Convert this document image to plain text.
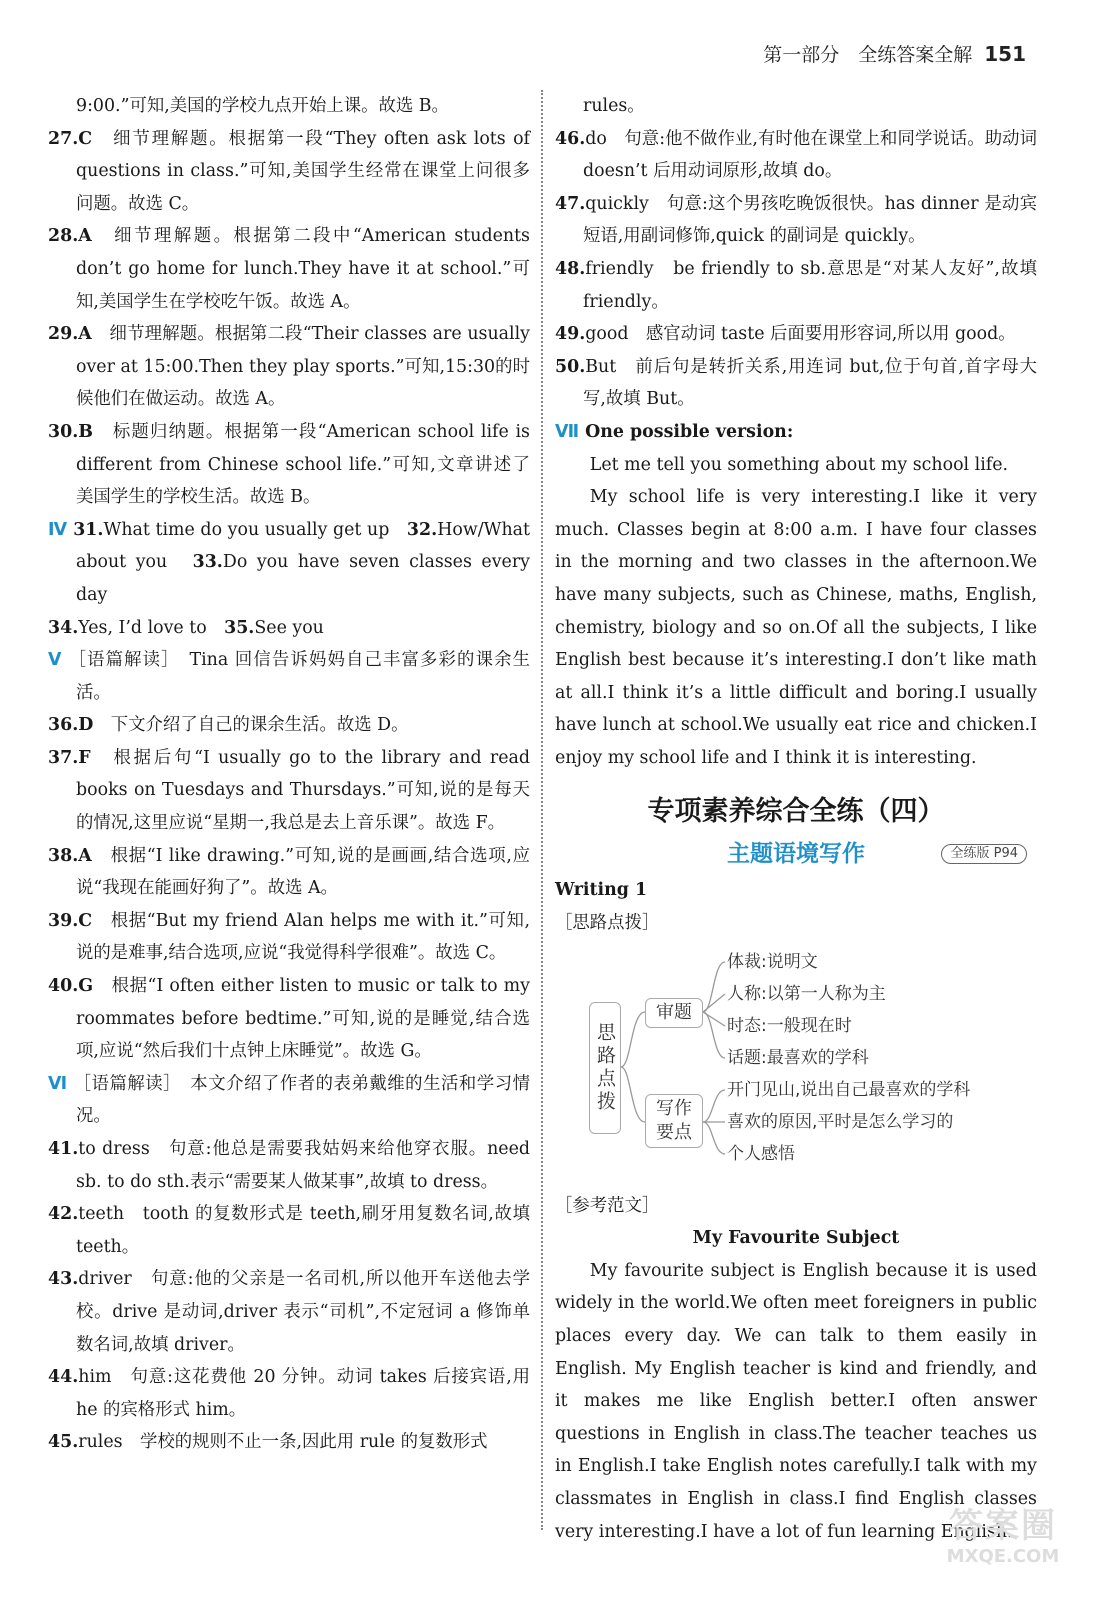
第一部分　全练答案全解 151

9:00.”可知,美国的学校九点开始上课。故选 B。

27.C　 细节理解题。根据第一段“They often ask lots of questions in class.”可知,美国学生经常在课堂上问很多问题。故选 C。

28.A　 细节理解题。根据第二段中“American students don’t go home for lunch.They have it at school.”可知,美国学生在学校吃午饭。故选 A。

29.A　 细节理解题。根据第二段“Their classes are usually over at 15:00.Then they play sports.”可知,15:30的时候他们在做运动。故选 A。

30.B　 标题归纳题。根据第一段“American school life is different from Chinese school life.”可知,文章讲述了美国学生的学校生活。故选 B。

Ⅳ 31.What time do you usually get up　32.How/What about you　33.Do you have seven classes every day

34.Yes, I’d love to　35.See you

Ⅴ ［语篇解读］　Tina 回信告诉妈妈自己丰富多彩的课余生活。

36.D　 下文介绍了自己的课余生活。故选 D。

37.F　 根据后句“I usually go to the library and read books on Tuesdays and Thursdays.”可知,说的是每天的情况,这里应说“星期一,我总是去上音乐课”。故选 F。

38.A　 根据“I like drawing.”可知,说的是画画,结合选项,应说“我现在能画好狗了”。故选 A。

39.C　 根据“But my friend Alan helps me with it.”可知,说的是难事,结合选项,应说“我觉得科学很难”。故选 C。

40.G　 根据“I often either listen to music or talk to my roommates before bedtime.”可知,说的是睡觉,结合选项,应说“然后我们十点钟上床睡觉”。故选 G。

Ⅵ ［语篇解读］　本文介绍了作者的表弟戴维的生活和学习情况。

41.to dress　句意:他总是需要我姑妈来给他穿衣服。need sb. to do sth.表示“需要某人做某事”,故填 to dress。

42.teeth　tooth 的复数形式是 teeth,刷牙用复数名词,故填 teeth。

43.driver　句意:他的父亲是一名司机,所以他开车送他去学校。drive 是动词,driver 表示“司机”,不定冠词 a 修饰单数名词,故填 driver。

44.him　句意:这花费他 20 分钟。动词 takes 后接宾语,用 he 的宾格形式 him。

45.rules　学校的规则不止一条,因此用 rule 的复数形式

rules。

46.do　句意:他不做作业,有时他在课堂上和同学说话。助动词 doesn’t 后用动词原形,故填 do。

47.quickly　句意:这个男孩吃晚饭很快。has dinner 是动宾短语,用副词修饰,quick 的副词是 quickly。

48.friendly　be friendly to sb.意思是“对某人友好”,故填 friendly。

49.good　感官动词 taste 后面要用形容词,所以用 good。

50.But　前后句是转折关系,用连词 but,位于句首,首字母大写,故填 But。

Ⅶ One possible version:

Let me tell you something about my school life.

My school life is very interesting.I like it very much. Classes begin at 8:00 a.m. I have four classes in the morning and two classes in the afternoon.We have many subjects, such as Chinese, maths, English, chemistry, biology and so on.Of all the subjects, I like English best because it’s interesting.I don’t like math at all.I think it’s a little difficult and boring.I usually have lunch at school.We usually eat rice and chicken.I enjoy my school life and I think it is interesting.

专项素养综合全练（四）
主题语境写作	全练版 P94

Writing 1

［思路点拨］

思路点拨
审题
写作要点
体裁:说明文
人称:以第一人称为主
时态:一般现在时
话题:最喜欢的学科
开门见山,说出自己最喜欢的学科
喜欢的原因,平时是怎么学习的
个人感悟

［参考范文］

My Favourite Subject

My favourite subject is English because it is used widely in the world.We often meet foreigners in public places every day. We can talk to them easily in English. My English teacher is kind and friendly, and it makes me like English better.I often answer questions in English in class.The teacher teaches us in English.I take English notes carefully.I talk with my classmates in English in class.I find English classes very interesting.I have a lot of fun learning English.

答案圈
MXQE.COM
